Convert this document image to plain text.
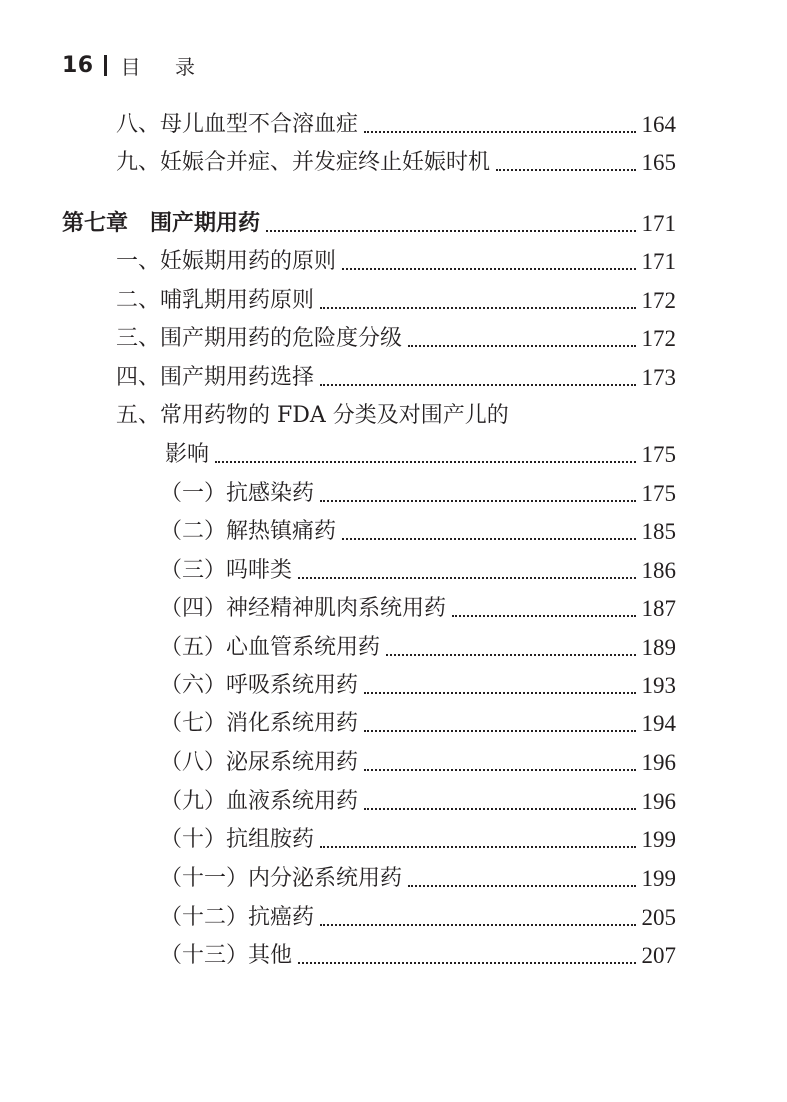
16 目 录
八、母儿血型不合溶血症	164
九、妊娠合并症、并发症终止妊娠时机	165
第七章 围产期用药	171
一、妊娠期用药的原则	171
二、哺乳期用药原则	172
三、围产期用药的危险度分级	172
四、围产期用药选择	173
五、常用药物的 FDA 分类及对围产儿的
影响	175
（一）抗感染药	175
（二）解热镇痛药	185
（三）吗啡类	186
（四）神经精神肌肉系统用药	187
（五）心血管系统用药	189
（六）呼吸系统用药	193
（七）消化系统用药	194
（八）泌尿系统用药	196
（九）血液系统用药	196
（十）抗组胺药	199
（十一）内分泌系统用药	199
（十二）抗癌药	205
（十三）其他	207
